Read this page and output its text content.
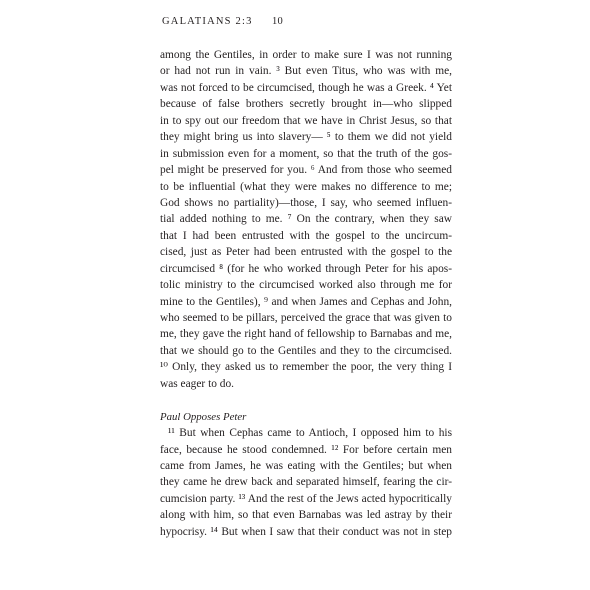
GALATIANS 2:3 10
among the Gentiles, in order to make sure I was not running
or had not run in vain. ³ But even Titus, who was with me,
was not forced to be circumcised, though he was a Greek. ⁴ Yet
because of false brothers secretly brought in—who slipped
in to spy out our freedom that we have in Christ Jesus, so that
they might bring us into slavery— ⁵ to them we did not yield
in submission even for a moment, so that the truth of the gos-
pel might be preserved for you. ⁶ And from those who seemed
to be influential (what they were makes no difference to me;
God shows no partiality)—those, I say, who seemed influen-
tial added nothing to me. ⁷ On the contrary, when they saw
that I had been entrusted with the gospel to the uncircum-
cised, just as Peter had been entrusted with the gospel to the
circumcised ⁸ (for he who worked through Peter for his apos-
tolic ministry to the circumcised worked also through me for
mine to the Gentiles), ⁹ and when James and Cephas and John,
who seemed to be pillars, perceived the grace that was given to
me, they gave the right hand of fellowship to Barnabas and me,
that we should go to the Gentiles and they to the circumcised.
¹⁰ Only, they asked us to remember the poor, the very thing I
was eager to do.
Paul Opposes Peter
¹¹ But when Cephas came to Antioch, I opposed him to his
face, because he stood condemned. ¹² For before certain men
came from James, he was eating with the Gentiles; but when
they came he drew back and separated himself, fearing the cir-
cumcision party. ¹³ And the rest of the Jews acted hypocritically
along with him, so that even Barnabas was led astray by their
hypocrisy. ¹⁴ But when I saw that their conduct was not in step
